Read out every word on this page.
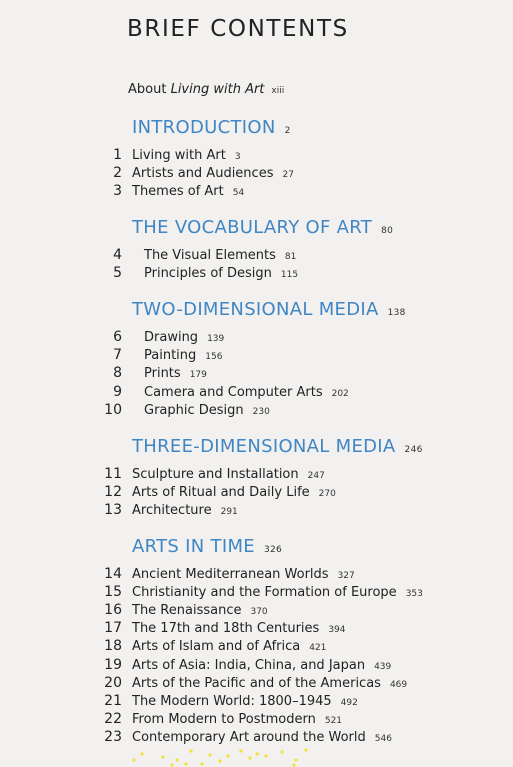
BRIEF CONTENTS
About Living with Art xiii
INTRODUCTION 2
1 Living with Art 3
2 Artists and Audiences 27
3 Themes of Art 54
THE VOCABULARY OF ART 80
4 The Visual Elements 81
5 Principles of Design 115
TWO-DIMENSIONAL MEDIA 138
6 Drawing 139
7 Painting 156
8 Prints 179
9 Camera and Computer Arts 202
10 Graphic Design 230
THREE-DIMENSIONAL MEDIA 246
11 Sculpture and Installation 247
12 Arts of Ritual and Daily Life 270
13 Architecture 291
ARTS IN TIME 326
14 Ancient Mediterranean Worlds 327
15 Christianity and the Formation of Europe 353
16 The Renaissance 370
17 The 17th and 18th Centuries 394
18 Arts of Islam and of Africa 421
19 Arts of Asia: India, China, and Japan 439
20 Arts of the Pacific and of the Americas 469
21 The Modern World: 1800–1945 492
22 From Modern to Postmodern 521
23 Contemporary Art around the World 546
